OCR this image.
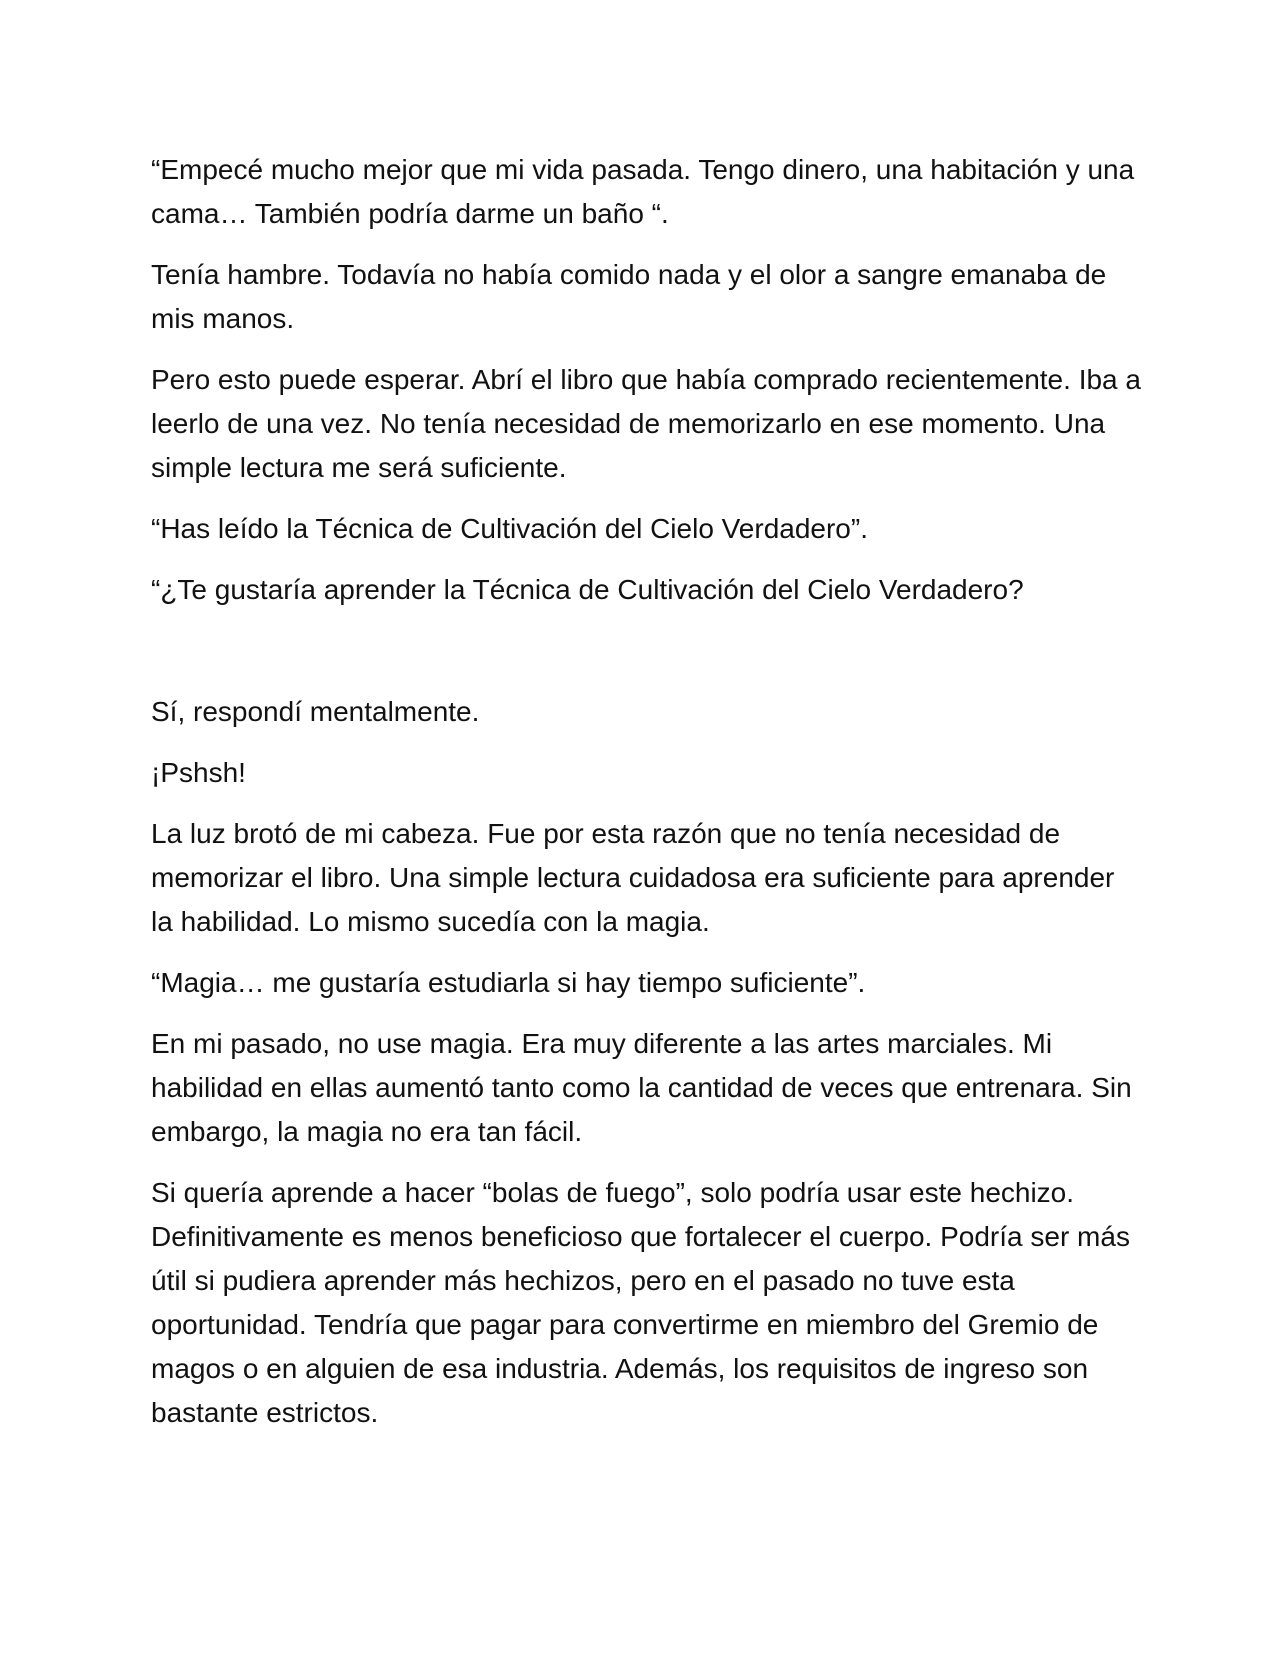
“Empecé mucho mejor que mi vida pasada. Tengo dinero, una habitación y una cama… También podría darme un baño “.

Tenía hambre. Todavía no había comido nada y el olor a sangre emanaba de mis manos.

Pero esto puede esperar. Abrí el libro que había comprado recientemente. Iba a leerlo de una vez. No tenía necesidad de memorizarlo en ese momento. Una simple lectura me será suficiente.

“Has leído la Técnica de Cultivación del Cielo Verdadero”.

“¿Te gustaría aprender la Técnica de Cultivación del Cielo Verdadero?

Sí, respondí mentalmente.

¡Pshsh!

La luz brotó de mi cabeza. Fue por esta razón que no tenía necesidad de memorizar el libro. Una simple lectura cuidadosa era suficiente para aprender la habilidad. Lo mismo sucedía con la magia.

“Magia… me gustaría estudiarla si hay tiempo suficiente”.

En mi pasado, no use magia. Era muy diferente a las artes marciales. Mi habilidad en ellas aumentó tanto como la cantidad de veces que entrenara. Sin embargo, la magia no era tan fácil.

Si quería aprende a hacer “bolas de fuego”, solo podría usar este hechizo. Definitivamente es menos beneficioso que fortalecer el cuerpo. Podría ser más útil si pudiera aprender más hechizos, pero en el pasado no tuve esta oportunidad. Tendría que pagar para convertirme en miembro del Gremio de magos o en alguien de esa industria. Además, los requisitos de ingreso son bastante estrictos.
